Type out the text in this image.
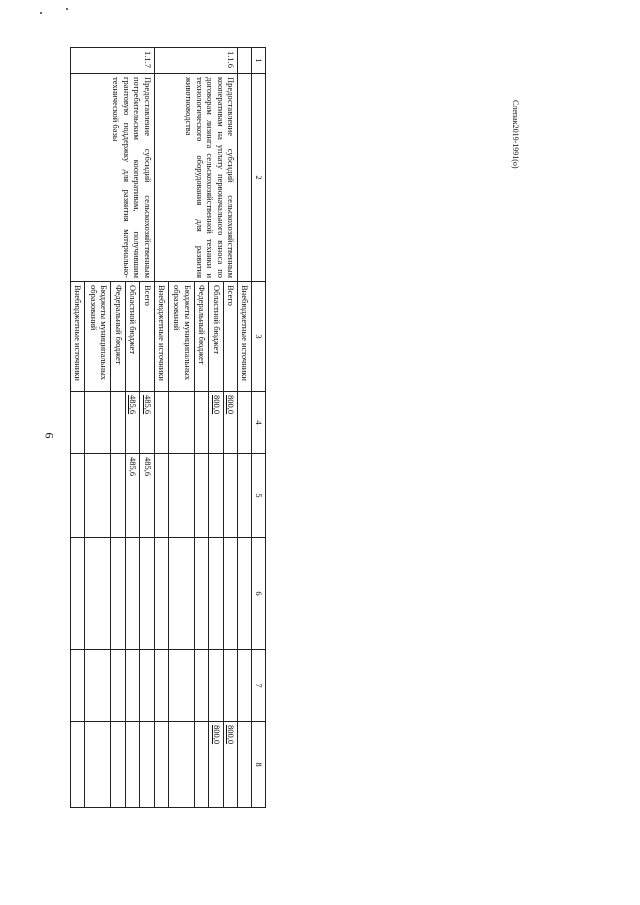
6
1	2	3	4	5	6	7	8
		Внебюджетные источники					
1.1.6	Предоставление субсидий сельскохозяйственным кооперативам на уплату первоначального взноса по договорам лизинга сельскохозяйственной техники и технологического оборудования для развития животноводства	Всего	800,0				800,0
		Областной бюджет	800,0				800,0
		Федеральный бюджет					
		Бюджеты муниципальных образований					
		Внебюджетные источники					
1.1.7	Предоставление субсидий сельскохозяйственным потребительским кооперативам, получившим грантовую поддержку для развития материально-технической базы	Всего	485,6	485,6			
		Областной бюджет	485,6	485,6			
		Федеральный бюджет					
		Бюджеты муниципальных образований					
		Внебюджетные источники					
Слепак2019-1991(о)
